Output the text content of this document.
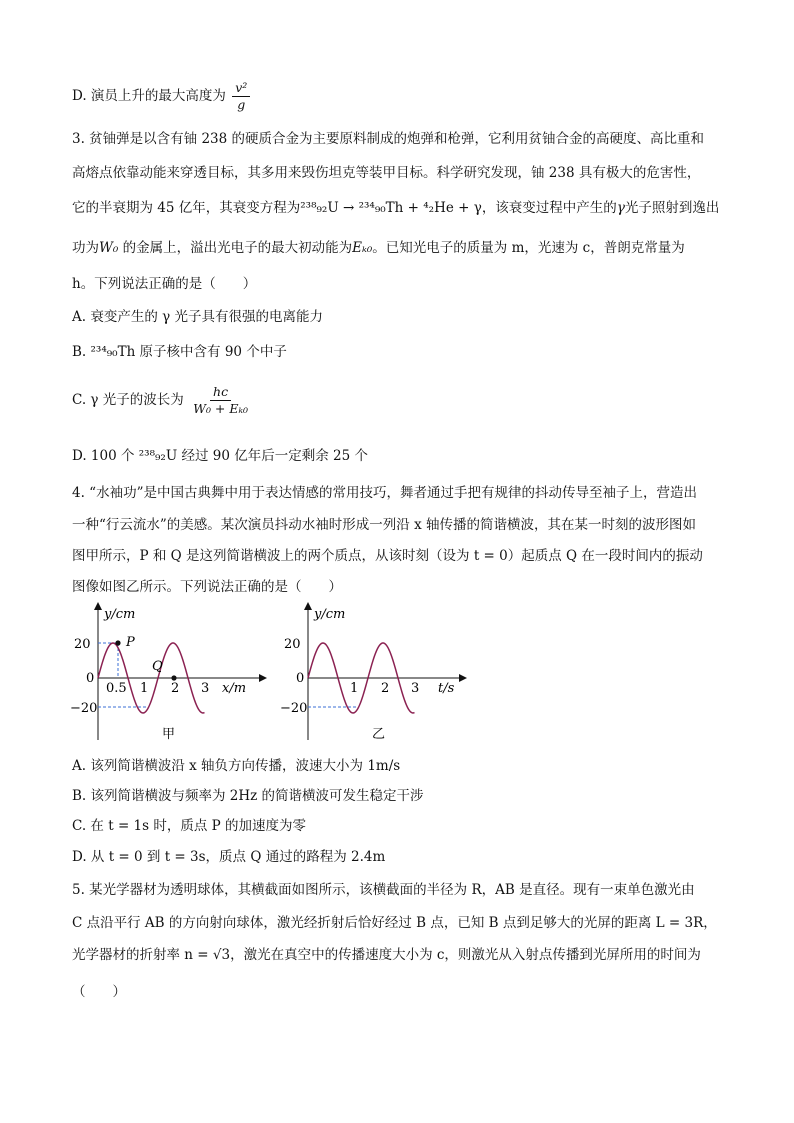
D. 演员上升的最大高度为 $\frac{\text{v²}}{g}$
3. 贫铀弹是以含有铀 238 的硬质合金为主要原料制成的炮弹和枪弹，它利用贫铀合金的高硬度、高比重和
高熔点依靠动能来穿透目标，其多用来毁伤坦克等装甲目标。科学研究发现，铀 238 具有极大的危害性，
它的半衰期为 45 亿年，其衰变方程为²³⁸₉₂U → ²³⁴₉₀Th + ⁴₂He + γ，该衰变过程中产生的γ光子照射到逸出
功为W₀ 的金属上，溢出光电子的最大初动能为Eₖ₀。已知光电子的质量为 m，光速为 c，普朗克常量为
h。下列说法正确的是（　　）
A. 衰变产生的 γ 光子具有很强的电离能力
B. ²³⁴₉₀Th 原子核中含有 90 个中子
C. γ 光子的波长为 $\frac{hc}{\text{W₀ + Eₖ₀}}$
D. 100 个 ²³⁸₉₂U 经过 90 亿年后一定剩余 25 个
4. “水袖功”是中国古典舞中用于表达情感的常用技巧，舞者通过手把有规律的抖动传导至袖子上，营造出
一种“行云流水”的美感。某次演员抖动水袖时形成一列沿 x 轴传播的简谐横波，其在某一时刻的波形图如
图甲所示，P 和 Q 是这列简谐横波上的两个质点，从该时刻（设为 t = 0）起质点 Q 在一段时间内的振动
图像如图乙所示。下列说法正确的是（　　）
y/cm
x/m
20
0
−20
0.5 1 2 3
P
Q
甲
y/cm
t/s
20
0
−20
1 2 3
乙
A. 该列简谐横波沿 x 轴负方向传播，波速大小为 1m/s
B. 该列简谐横波与频率为 2Hz 的简谐横波可发生稳定干涉
C. 在 t = 1s 时，质点 P 的加速度为零
D. 从 t = 0 到 t = 3s，质点 Q 通过的路程为 2.4m
5. 某光学器材为透明球体，其横截面如图所示，该横截面的半径为 R，AB 是直径。现有一束单色激光由
C 点沿平行 AB 的方向射向球体，激光经折射后恰好经过 B 点，已知 B 点到足够大的光屏的距离 L = 3R，
光学器材的折射率 n = √3，激光在真空中的传播速度大小为 c，则激光从入射点传播到光屏所用的时间为
（　　）
